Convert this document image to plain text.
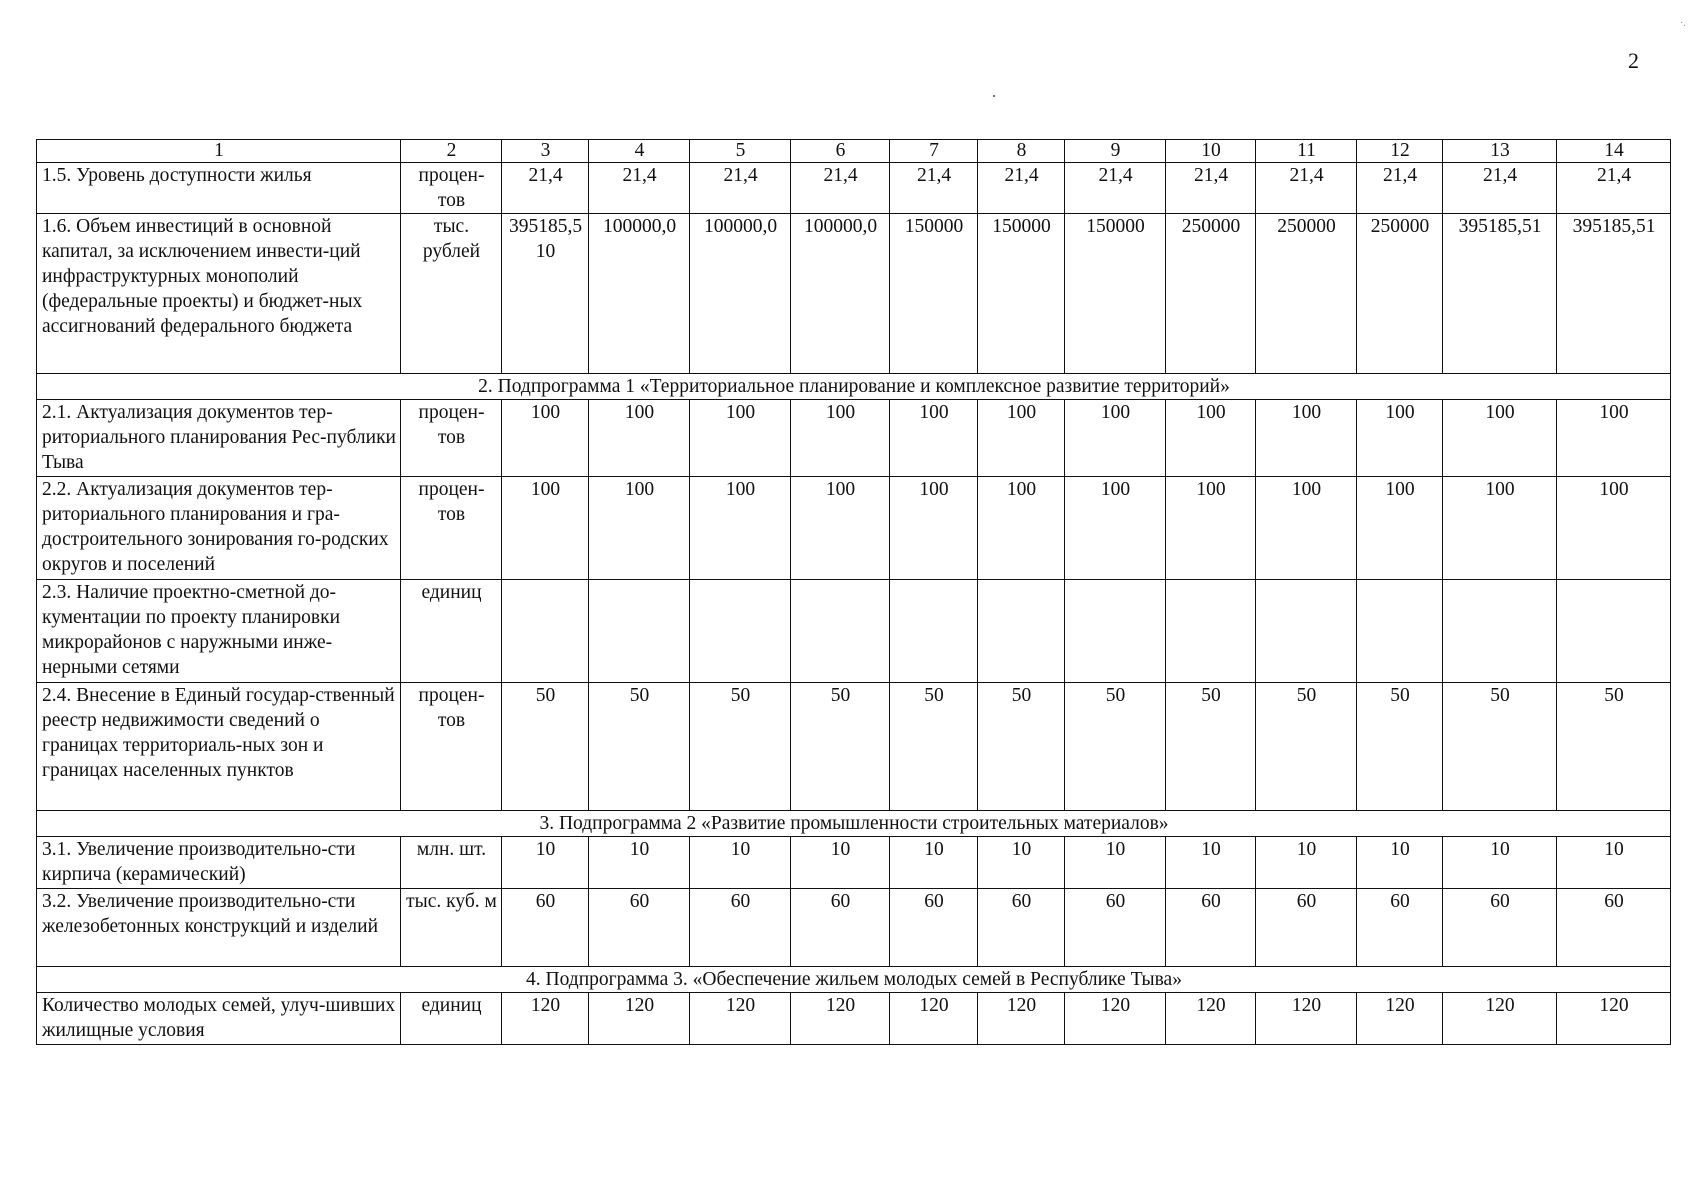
2
·.
1	2	3	4	5	6	7	8	9	10	11	12	13	14
1.5. Уровень доступности жилья	процен-тов	21,4	21,4	21,4	21,4	21,4	21,4	21,4	21,4	21,4	21,4	21,4	21,4
1.6. Объем инвестиций в основной капитал, за исключением инвести-ций инфраструктурных монополий (федеральные проекты) и бюджет-ных ассигнований федерального бюджета	тыс. рублей	395185,510	100000,0	100000,0	100000,0	150000	150000	150000	250000	250000	250000	395185,51	395185,51
2. Подпрограмма 1 «Территориальное планирование и комплексное развитие территорий»													
2.1. Актуализация документов тер-риториального планирования Рес-публики Тыва	процен-тов	100	100	100	100	100	100	100	100	100	100	100	100
2.2. Актуализация документов тер-риториального планирования и гра-достроительного зонирования го-родских округов и поселений	процен-тов	100	100	100	100	100	100	100	100	100	100	100	100
2.3. Наличие проектно-сметной до-кументации по проекту планировки микрорайонов с наружными инже-нерными сетями	единиц												
2.4. Внесение в Единый государ-ственный реестр недвижимости сведений о границах территориаль-ных зон и границах населенных пунктов	процен-тов	50	50	50	50	50	50	50	50	50	50	50	50
3. Подпрограмма 2 «Развитие промышленности строительных материалов»													
3.1. Увеличение производительно-сти кирпича (керамический)	млн. шт.	10	10	10	10	10	10	10	10	10	10	10	10
3.2. Увеличение производительно-сти железобетонных конструкций и изделий	тыс. куб. м	60	60	60	60	60	60	60	60	60	60	60	60
4. Подпрограмма 3. «Обеспечение жильем молодых семей в Республике Тыва»													
Количество молодых семей, улуч-шивших жилищные условия	единиц	120	120	120	120	120	120	120	120	120	120	120	120
